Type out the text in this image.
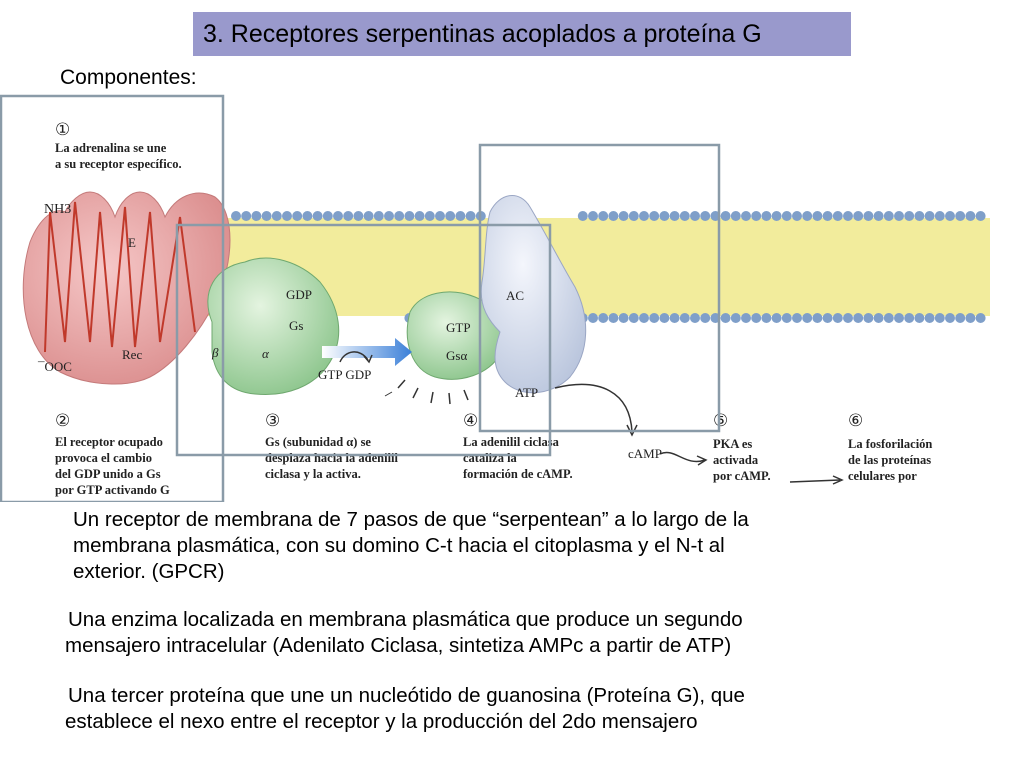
3. Receptores serpentinas acoplados a proteína G
Componentes:
NH3
E
Rec
¯OOC
GDP
Gs
β	α
GTP
Gsα
GTP GDP
AC
ATP
cAMP
①
La adrenalina se une
a su receptor específico.
②
El receptor ocupado
provoca el cambio
del GDP unido a Gs
por GTP activando G
③
Gs (subunidad α) se
desplaza hacia la adenilil
ciclasa y la activa.
④
La adenilil ciclasa
cataliza la
formación de cAMP.
⑤
PKA es
activada
por cAMP.
⑥
La fosforilación
de las proteínas
celulares por
Un receptor de membrana de 7 pasos de que “serpentean” a lo largo de la
membrana plasmática, con su domino C-t hacia el citoplasma y el N-t al
exterior. (GPCR)
Una enzima localizada en membrana plasmática que produce un segundo
mensajero intracelular (Adenilato Ciclasa, sintetiza AMPc a partir de ATP)
Una tercer proteína que une un nucleótido de guanosina (Proteína G), que
establece el nexo entre el receptor y la producción del 2do mensajero
